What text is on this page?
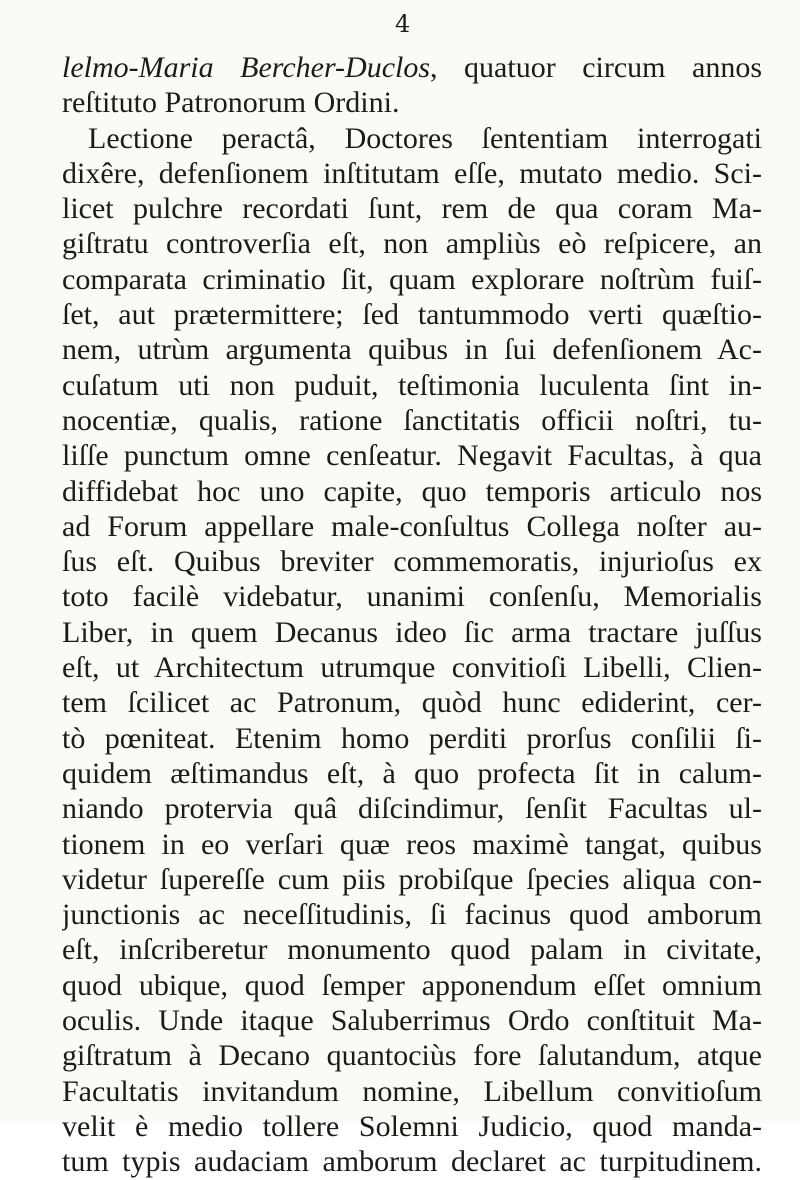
4

lelmo-Maria Bercher-Duclos, quatuor circum annos
reſtituto Patronorum Ordini.
Lectione peractâ, Doctores ſententiam interrogati
dixêre, defenſionem inſtitutam eſſe, mutato medio. Sci-
licet pulchre recordati ſunt, rem de qua coram Ma-
giſtratu controverſia eſt, non ampliùs eò reſpicere, an
comparata criminatio ſit, quam explorare noſtrùm fuiſ-
ſet, aut prætermittere; ſed tantummodo verti quæſtio-
nem, utrùm argumenta quibus in ſui defenſionem Ac-
cuſatum uti non puduit, teſtimonia luculenta ſint in-
nocentiæ, qualis, ratione ſanctitatis officii noſtri, tu-
liſſe punctum omne cenſeatur. Negavit Facultas, à qua
diffidebat hoc uno capite, quo temporis articulo nos
ad Forum appellare male-conſultus Collega noſter au-
ſus eſt. Quibus breviter commemoratis, injurioſus ex
toto facilè videbatur, unanimi conſenſu, Memorialis
Liber, in quem Decanus ideo ſic arma tractare juſſus
eſt, ut Architectum utrumque convitioſi Libelli, Clien-
tem ſcilicet ac Patronum, quòd hunc ediderint, cer-
tò pœniteat. Etenim homo perditi prorſus conſilii ſi-
quidem æſtimandus eſt, à quo profecta ſit in calum-
niando protervia quâ diſcindimur, ſenſit Facultas ul-
tionem in eo verſari quæ reos maximè tangat, quibus
videtur ſupereſſe cum piis probiſque ſpecies aliqua con-
junctionis ac neceſſitudinis, ſi facinus quod amborum
eſt, inſcriberetur monumento quod palam in civitate,
quod ubique, quod ſemper apponendum eſſet omnium
oculis. Unde itaque Saluberrimus Ordo conſtituit Ma-
giſtratum à Decano quantociùs fore ſalutandum, atque
Facultatis invitandum nomine, Libellum convitioſum
velit è medio tollere Solemni Judicio, quod manda-
tum typis audaciam amborum declaret ac turpitudinem.
